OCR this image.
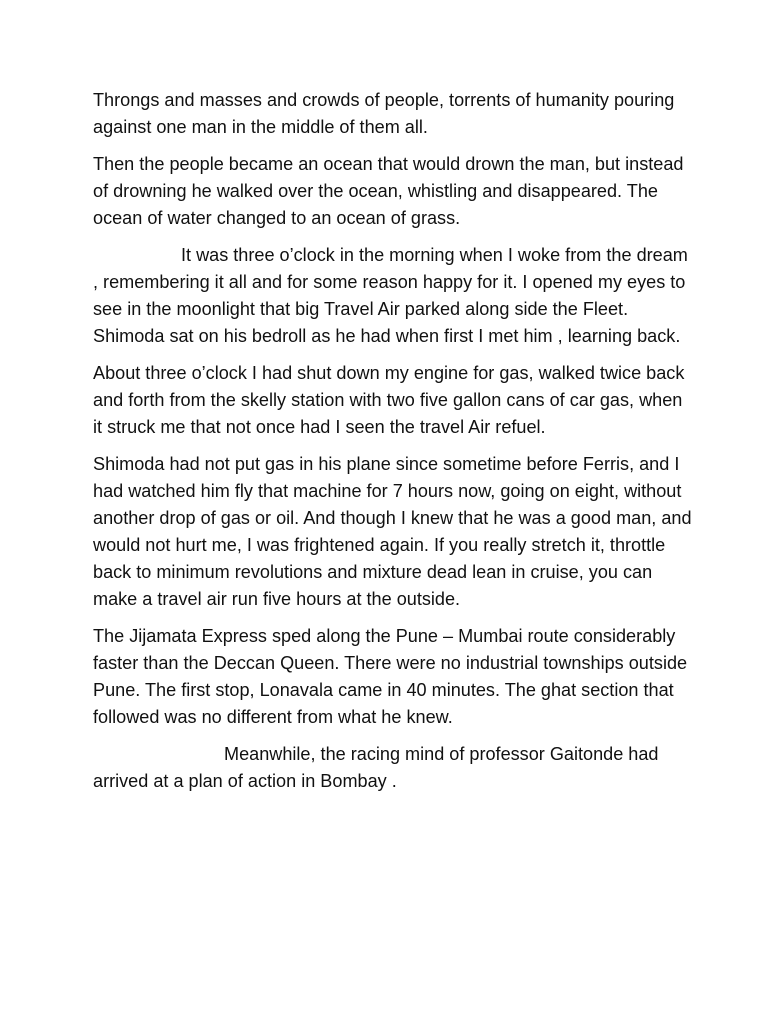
Throngs and masses and crowds of people, torrents of humanity pouring against one man in the middle of them all.

Then the people became an ocean that would drown the man, but instead of drowning he walked over the ocean, whistling and disappeared. The ocean of water changed to an ocean of grass.

It was three o’clock in the morning when I woke from the dream , remembering it all and for some reason happy for it. I opened my eyes to see in the moonlight that big Travel Air parked along side the Fleet. Shimoda sat on his bedroll as he had when first I met him , learning back.

About three o’clock I had shut down my engine for gas, walked twice back and forth from the skelly station with two five gallon cans of car gas, when it struck me that not once had I seen the travel Air refuel.

Shimoda had not put gas in his plane since sometime before Ferris, and I had watched him fly that machine for 7 hours now, going on eight, without another drop of gas or oil. And though I knew that he was a good man, and would not hurt me, I was frightened again. If you really stretch it, throttle back to minimum revolutions and mixture dead lean in cruise, you can make a travel air run five hours at the outside.

The Jijamata Express sped along the Pune – Mumbai route considerably faster than the Deccan Queen. There were no industrial townships outside Pune. The first stop, Lonavala came in 40 minutes. The ghat section that followed was no different from what he knew.

Meanwhile, the racing mind of professor Gaitonde had arrived at a plan of action in Bombay .
